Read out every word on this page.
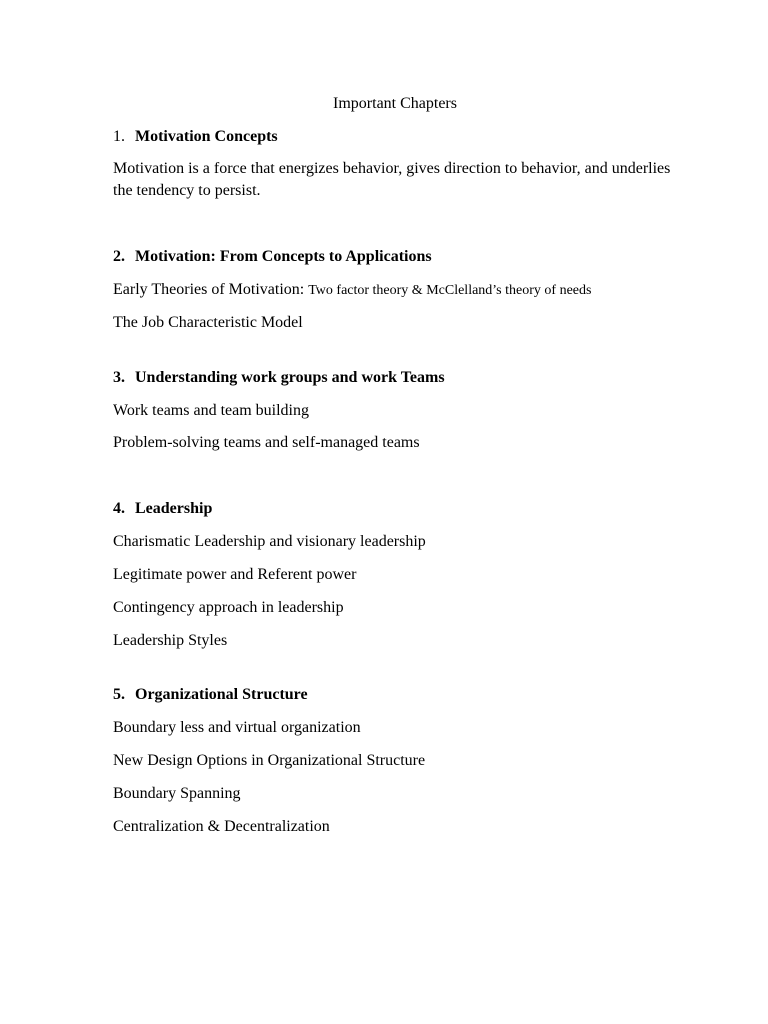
Important Chapters
1. Motivation Concepts
Motivation is a force that energizes behavior, gives direction to behavior, and underlies the tendency to persist.
2. Motivation: From Concepts to Applications
Early Theories of Motivation: Two factor theory & McClelland’s theory of needs
The Job Characteristic Model
3. Understanding work groups and work Teams
Work teams and team building
Problem-solving teams and self-managed teams
4. Leadership
Charismatic Leadership and visionary leadership
Legitimate power and Referent power
Contingency approach in leadership
Leadership Styles
5. Organizational Structure
Boundary less and virtual organization
New Design Options in Organizational Structure
Boundary Spanning
Centralization & Decentralization
